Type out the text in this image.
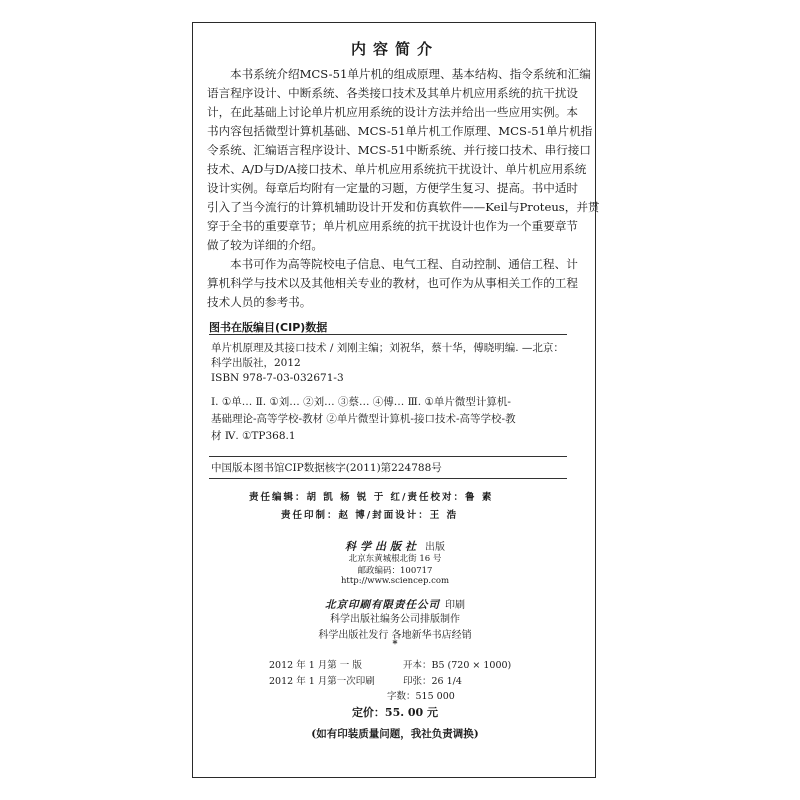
内容简介
本书系统介绍MCS-51单片机的组成原理、基本结构、指令系统和汇编
语言程序设计、中断系统、各类接口技术及其单片机应用系统的抗干扰设
计，在此基础上讨论单片机应用系统的设计方法并给出一些应用实例。本
书内容包括微型计算机基础、MCS-51单片机工作原理、MCS-51单片机指
令系统、汇编语言程序设计、MCS-51中断系统、并行接口技术、串行接口
技术、A/D与D/A接口技术、单片机应用系统抗干扰设计、单片机应用系统
设计实例。每章后均附有一定量的习题，方便学生复习、提高。书中适时
引入了当今流行的计算机辅助设计开发和仿真软件——Keil与Proteus，并贯
穿于全书的重要章节；单片机应用系统的抗干扰设计也作为一个重要章节
做了较为详细的介绍。
本书可作为高等院校电子信息、电气工程、自动控制、通信工程、计
算机科学与技术以及其他相关专业的教材，也可作为从事相关工作的工程
技术人员的参考书。
图书在版编目(CIP)数据
单片机原理及其接口技术 / 刘刚主编；刘祝华，蔡十华，傅晓明编. —北京：
科学出版社，2012
ISBN 978-7-03-032671-3
Ⅰ. ①单… Ⅱ. ①刘… ②刘… ③蔡… ④傅… Ⅲ. ①单片微型计算机-
基础理论-高等学校-教材 ②单片微型计算机-接口技术-高等学校-教
材 Ⅳ. ①TP368.1
中国版本图书馆CIP数据核字(2011)第224788号
责任编辑：胡 凯 杨 锐 于 红/责任校对：鲁 素
责任印制：赵 博/封面设计：王 浩
科学出版社 出版
北京东黄城根北街 16 号
邮政编码：100717
http://www.sciencep.com
北京印刷有限责任公司 印刷
科学出版社编务公司排版制作
科学出版社发行 各地新华书店经销
*
2012 年 1 月第 一 版	开本：B5 (720 × 1000)
2012 年 1 月第一次印刷	印张：26 1/4
字数：515 000
定价：55. 00 元
(如有印装质量问题，我社负责调换)
